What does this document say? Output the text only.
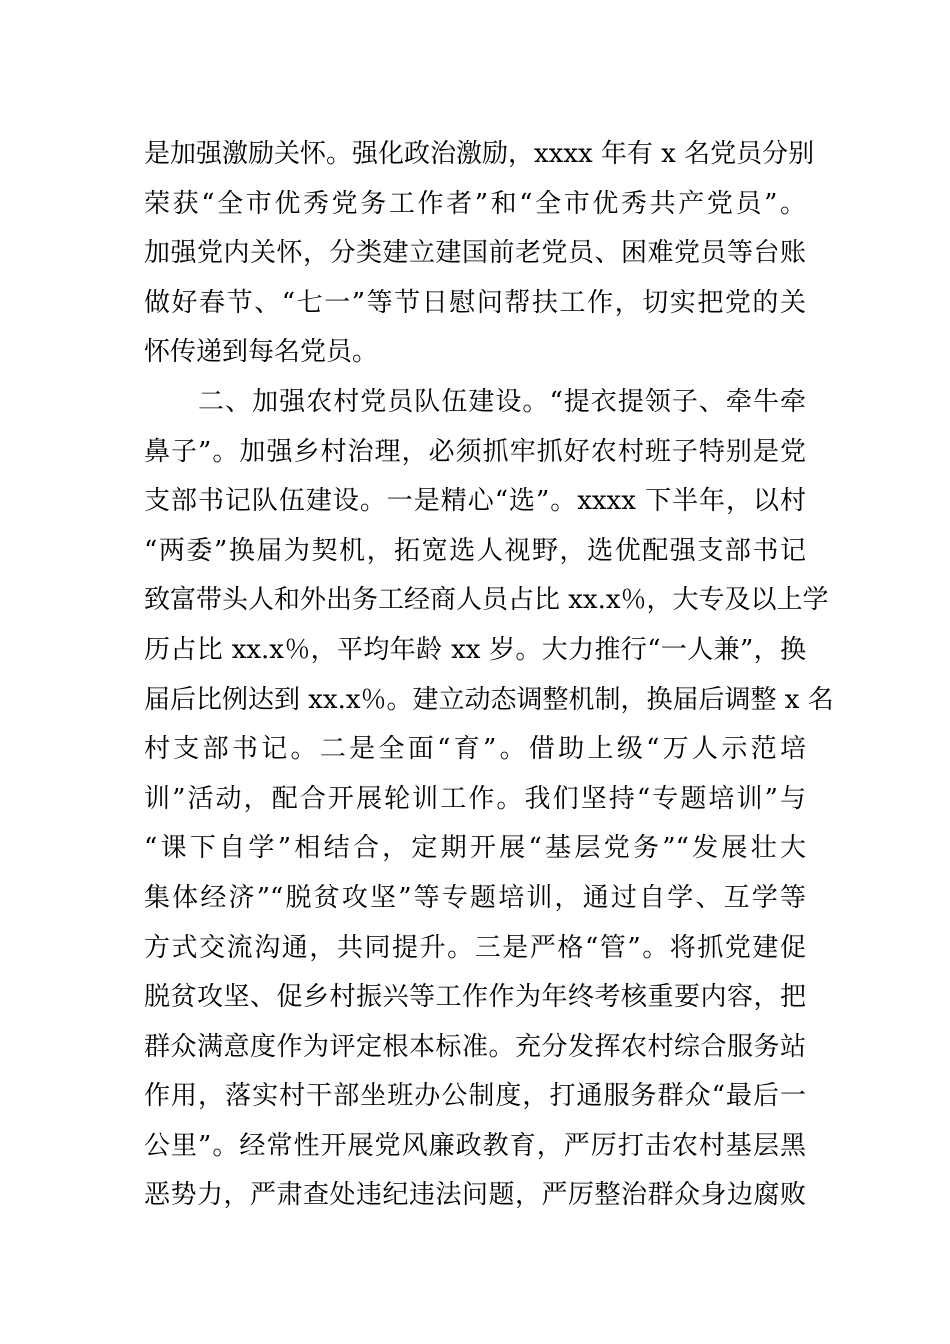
是加强激励关怀。强化政治激励，xxxx 年有 x 名党员分别
荣获“全市优秀党务工作者”和“全市优秀共产党员”。
加强党内关怀，分类建立建国前老党员、困难党员等台账
做好春节、“七一”等节日慰问帮扶工作，切实把党的关
怀传递到每名党员。
　　二、加强农村党员队伍建设。“提衣提领子、牵牛牵
鼻子”。加强乡村治理，必须抓牢抓好农村班子特别是党
支部书记队伍建设。一是精心“选”。xxxx 下半年，以村
“两委”换届为契机，拓宽选人视野，选优配强支部书记
致富带头人和外出务工经商人员占比 xx.x％，大专及以上学
历占比 xx.x％，平均年龄 xx 岁。大力推行“一人兼”，换
届后比例达到 xx.x％。建立动态调整机制，换届后调整 x 名
村支部书记。二是全面“育”。借助上级“万人示范培
训”活动，配合开展轮训工作。我们坚持“专题培训”与
“课下自学”相结合，定期开展“基层党务”“发展壮大
集体经济”“脱贫攻坚”等专题培训，通过自学、互学等
方式交流沟通，共同提升。三是严格“管”。将抓党建促
脱贫攻坚、促乡村振兴等工作作为年终考核重要内容，把
群众满意度作为评定根本标准。充分发挥农村综合服务站
作用，落实村干部坐班办公制度，打通服务群众“最后一
公里”。经常性开展党风廉政教育，严厉打击农村基层黑
恶势力，严肃查处违纪违法问题，严厉整治群众身边腐败
